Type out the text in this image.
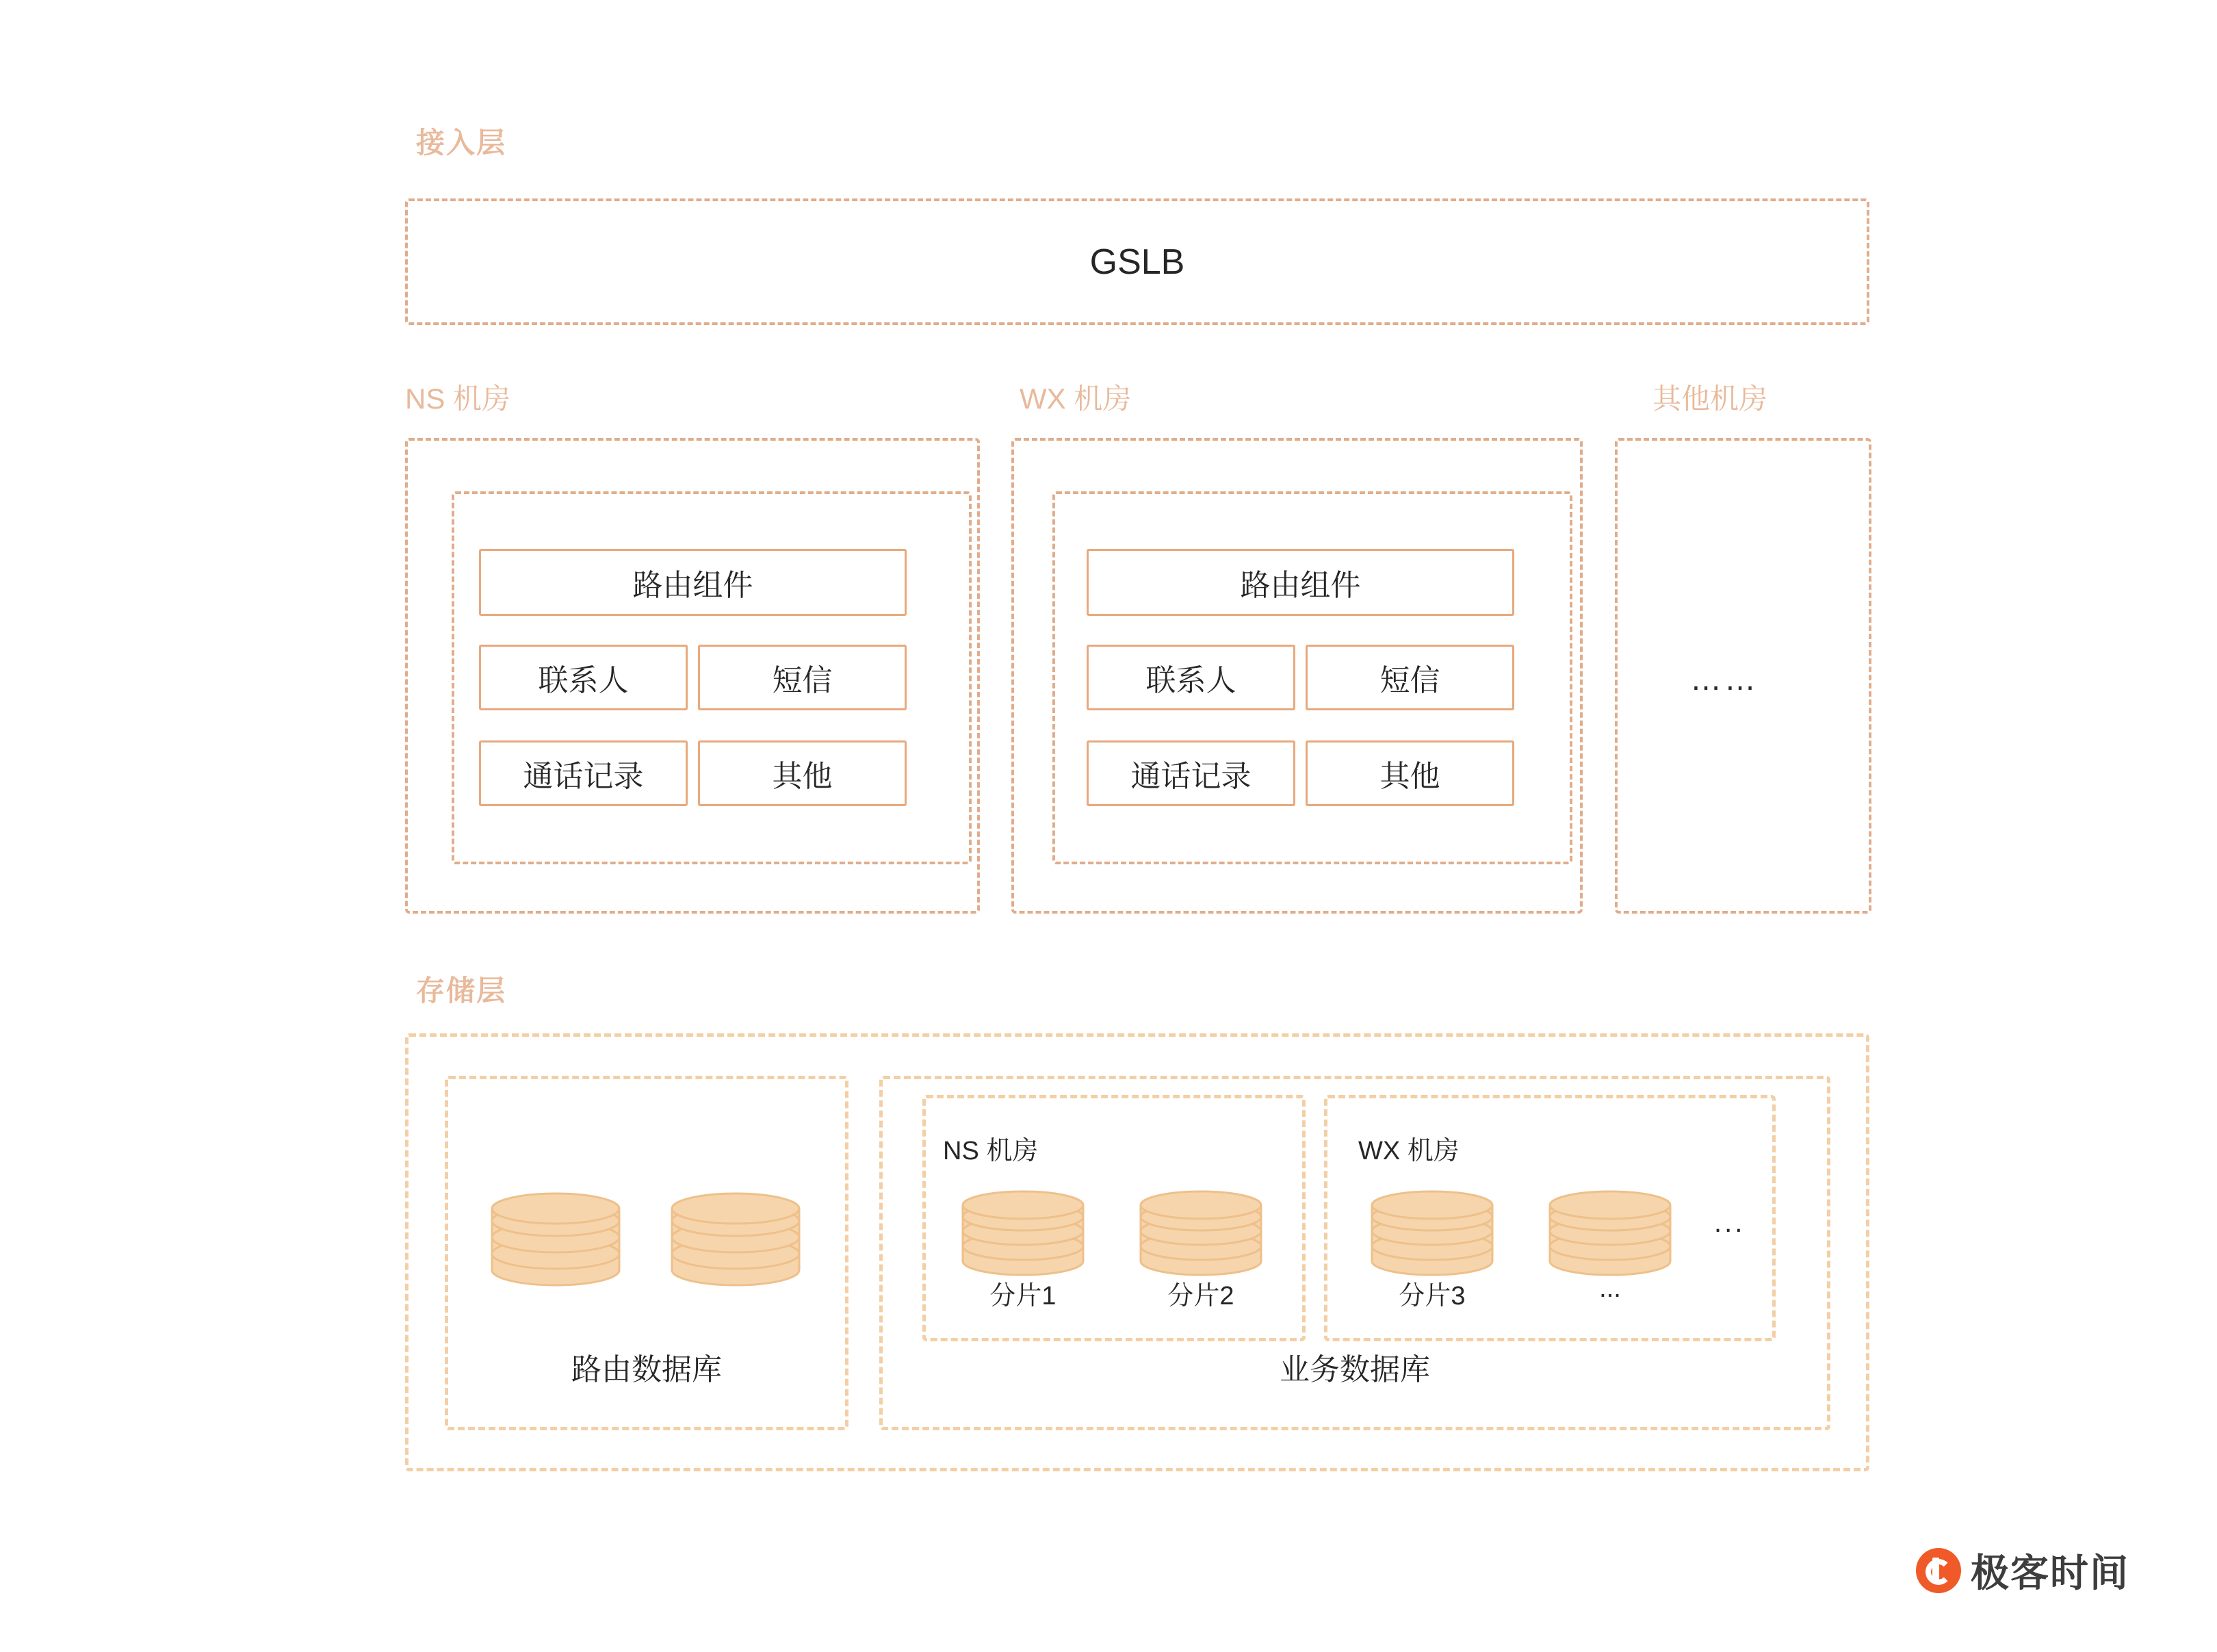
接入层
GSLB
NS 机房	WX 机房	其他机房
路由组件
联系人	短信
通话记录	其他
路由组件
联系人	短信
通话记录	其他
……
存储层
路由数据库
NS 机房
分片1	分片2
WX 机房
分片3	...
...
业务数据库
极客时间
